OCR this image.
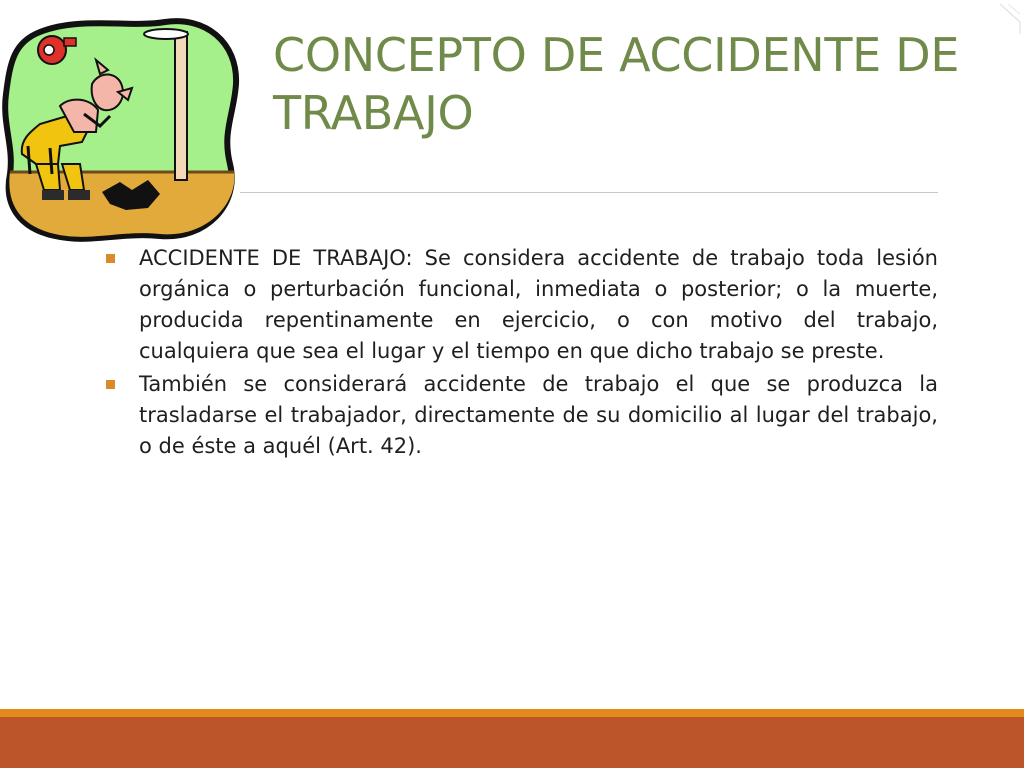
CONCEPTO DE ACCIDENTE DE TRABAJO
ACCIDENTE DE TRABAJO: Se considera accidente de trabajo toda lesión orgánica o perturbación funcional, inmediata o posterior; o la muerte, producida repentinamente en ejercicio, o con motivo del trabajo, cualquiera que sea el lugar y el tiempo en que dicho trabajo se preste.
También se considerará accidente de trabajo el que se produzca la trasladarse el trabajador, directamente de su domicilio al lugar del trabajo, o de éste a aquél (Art. 42).
